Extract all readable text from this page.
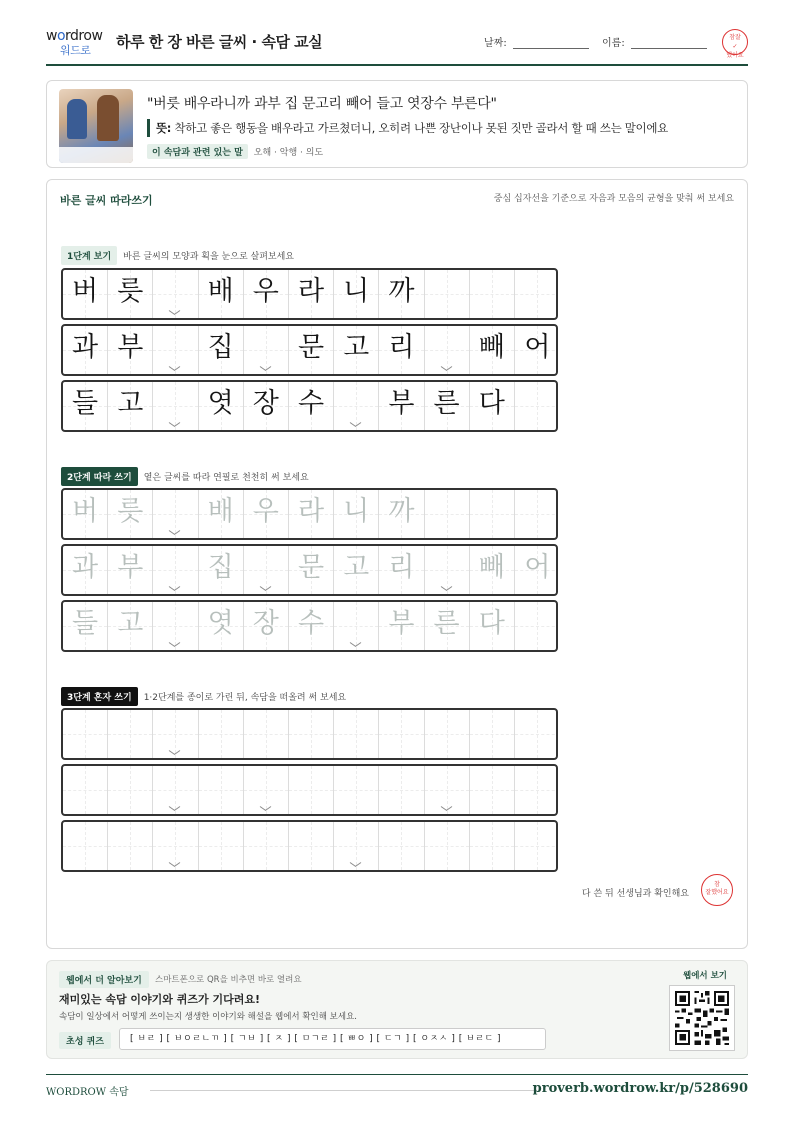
wordrow
워드로 하루 한 장 바른 글씨 · 속담 교실	날짜:	이름:
참잘
✓
했어요
"버릇 배우라니까 과부 집 문고리 빼어 들고 엿장수 부른다"
뜻: 착하고 좋은 행동을 배우라고 가르쳤더니, 오히려 나쁜 장난이나 못된 짓만 골라서 할 때 쓰는 말이에요
이 속담과 관련 있는 말 오해 · 악행 · 의도
바른 글씨 따라쓰기	중심 십자선을 기준으로 자음과 모음의 균형을 맞춰 써 보세요
1단계 보기 바른 글씨의 모양과 획을 눈으로 살펴보세요
버 릇	배 우 라 니 까
과 부	집	문 고 리	빼 어
들 고	엿 장 수	부 른 다
2단계 따라 쓰기 옅은 글씨를 따라 연필로 천천히 써 보세요
버 릇	배 우 라 니 까
과 부	집	문 고 리	빼 어
들 고	엿 장 수	부 른 다
3단계 혼자 쓰기 1·2단계를 종이로 가린 뒤, 속담을 떠올려 써 보세요
다 쓴 뒤 선생님과 확인해요
참
잘했어요
웹에서 더 알아보기	스마트폰으로 QR을 비추면 바로 열려요
재미있는 속담 이야기와 퀴즈가 기다려요!
속담이 일상에서 어떻게 쓰이는지 생생한 이야기와 해설을 웹에서 확인해 보세요.
초성 퀴즈	[ ㅂㄹ ] [ ㅂㅇㄹㄴㄲ ] [ ㄱㅂ ] [ ㅈ ] [ ㅁㄱㄹ ] [ ㅃㅇ ] [ ㄷㄱ ] [ ㅇㅈㅅ ] [ ㅂㄹㄷ ]
웹에서 보기
WORDROW 속담	proverb.wordrow.kr/p/528690
